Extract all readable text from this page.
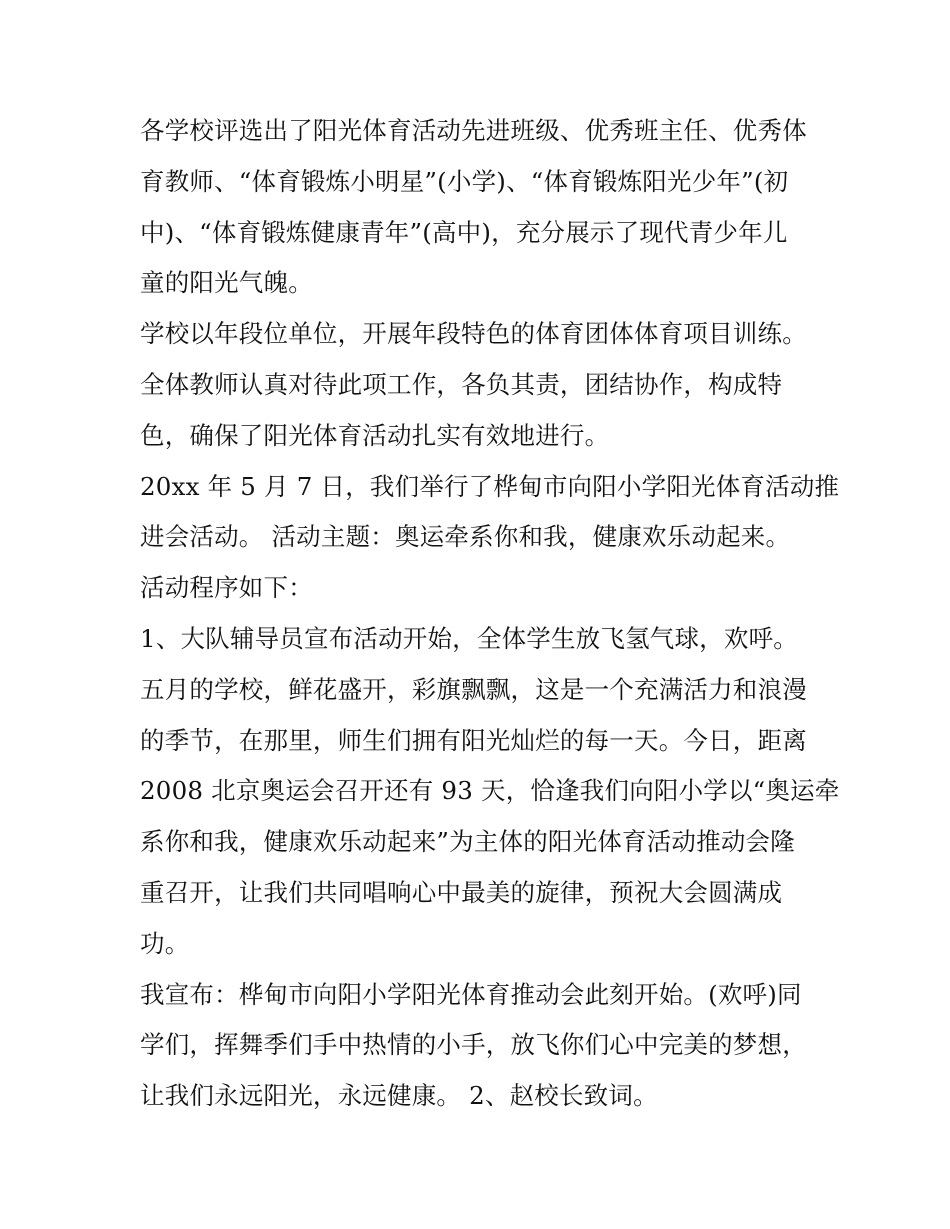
各学校评选出了阳光体育活动先进班级、优秀班主任、优秀体
育教师、“体育锻炼小明星”(小学)、“体育锻炼阳光少年”(初
中)、“体育锻炼健康青年”(高中)，充分展示了现代青少年儿
童的阳光气魄。
学校以年段位单位，开展年段特色的体育团体体育项目训练。
全体教师认真对待此项工作，各负其责，团结协作，构成特
色，确保了阳光体育活动扎实有效地进行。
20xx 年 5 月 7 日，我们举行了桦甸市向阳小学阳光体育活动推
进会活动。 活动主题：奥运牵系你和我，健康欢乐动起来。
活动程序如下：
1、大队辅导员宣布活动开始，全体学生放飞氢气球，欢呼。
五月的学校，鲜花盛开，彩旗飘飘，这是一个充满活力和浪漫
的季节，在那里，师生们拥有阳光灿烂的每一天。今日，距离
2008 北京奥运会召开还有 93 天，恰逢我们向阳小学以“奥运牵
系你和我，健康欢乐动起来”为主体的阳光体育活动推动会隆
重召开，让我们共同唱响心中最美的旋律，预祝大会圆满成
功。
我宣布：桦甸市向阳小学阳光体育推动会此刻开始。(欢呼)同
学们，挥舞季们手中热情的小手，放飞你们心中完美的梦想，
让我们永远阳光，永远健康。 2、赵校长致词。
